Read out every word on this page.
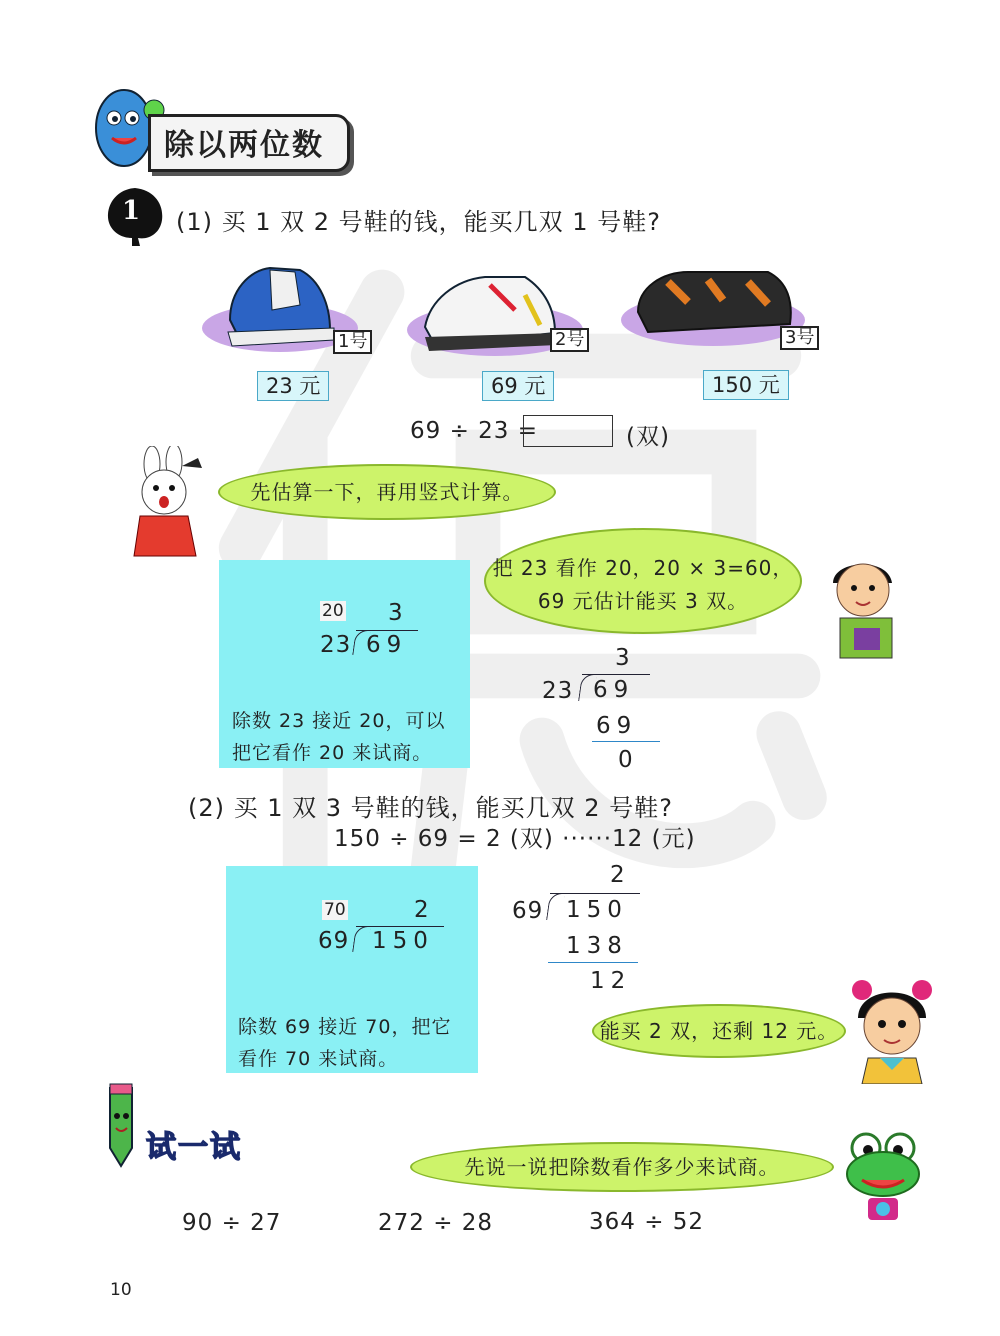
除以两位数
1 (1) 买 1 双 2 号鞋的钱，能买几双 1 号鞋?
1号
23 元
2号
69 元
3号
150 元
69 ÷ 23 =	(双)
先估算一下，再用竖式计算。
20 3
23 69
除数 23 接近 20，可以
把它看作 20 来试商。
把 23 看作 20，20 × 3=60，
69 元估计能买 3 双。
3
23 69
69
0
(2) 买 1 双 3 号鞋的钱，能买几双 2 号鞋?
150 ÷ 69 = 2 (双) ······12 (元)
70	2
69 150
除数 69 接近 70，把它
看作 70 来试商。
2
69 150
138
12
能买 2 双，还剩 12 元。
试一试
先说一说把除数看作多少来试商。
90 ÷ 27	272 ÷ 28	364 ÷ 52
10
